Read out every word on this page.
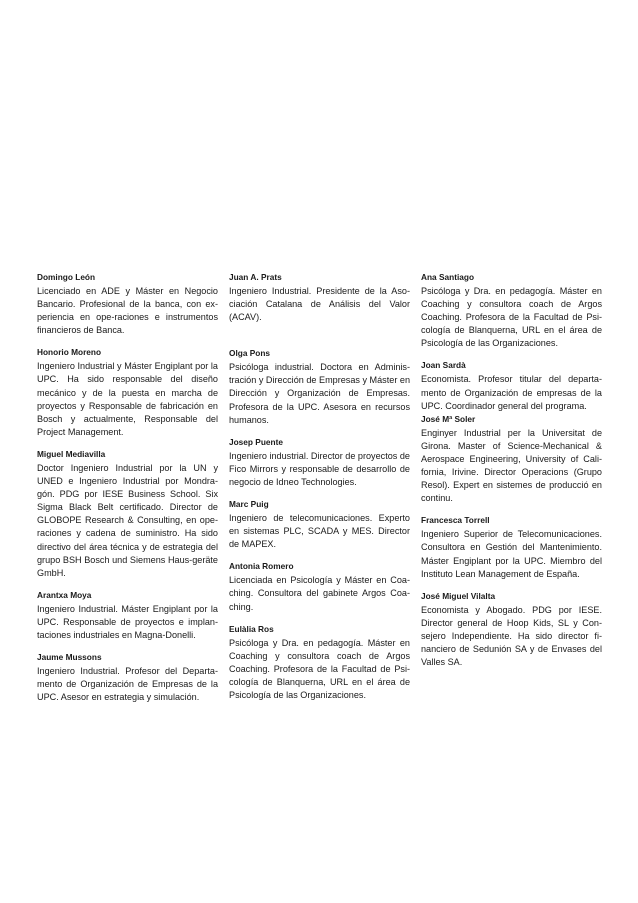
Domingo León
Licenciado en ADE y Máster en Negocio Bancario. Profesional de la banca, con ex-periencia en ope-raciones e instrumentos financieros de Banca.
Honorio Moreno
Ingeniero Industrial y Máster Engiplant por la UPC. Ha sido responsable del diseño mecánico y de la puesta en marcha de proyectos y Responsable de fabricación en Bosch y actualmente, Responsable del Project Management.
Miguel Mediavilla
Doctor Ingeniero Industrial por la UN y UNED e Ingeniero Industrial por Mondra-gón. PDG por IESE Business School. Six Sigma Black Belt certificado. Director de GLOBOPE Research & Consulting, en ope-raciones y cadena de suministro. Ha sido directivo del área técnica y de estrategia del grupo BSH Bosch und Siemens Haus-geräte GmbH.
Arantxa Moya
Ingeniero Industrial. Máster Engiplant por la UPC. Responsable de proyectos e implan-taciones industriales en Magna-Donelli.
Jaume Mussons
Ingeniero Industrial. Profesor del Departa-mento de Organización de Empresas de la UPC. Asesor en estrategia y simulación.
Juan A. Prats
Ingeniero Industrial. Presidente de la Aso-ciación Catalana de Análisis del Valor (ACAV).
Olga Pons
Psicóloga industrial. Doctora en Adminis-tración y Dirección de Empresas y Máster en Dirección y Organización de Empresas. Profesora de la UPC. Asesora en recursos humanos.
Josep Puente
Ingeniero industrial. Director de proyectos de Fico Mirrors y responsable de desarrollo de negocio de Idneo Technologies.
Marc Puig
Ingeniero de telecomunicaciones. Experto en sistemas PLC, SCADA y MES. Director de MAPEX.
Antonia Romero
Licenciada en Psicología y Máster en Coa-ching. Consultora del gabinete Argos Coa-ching.
Eulàlia Ros
Psicóloga y Dra. en pedagogía. Máster en Coaching y consultora coach de Argos Coaching. Profesora de la Facultad de Psi-cología de Blanquerna, URL en el área de Psicología de las Organizaciones.
Ana Santiago
Psicóloga y Dra. en pedagogía. Máster en Coaching y consultora coach de Argos Coaching. Profesora de la Facultad de Psi-cología de Blanquerna, URL en el área de Psicología de las Organizaciones.
Joan Sardà
Economista. Profesor titular del departa-mento de Organización de empresas de la UPC. Coordinador general del programa.
José Mª Soler
Enginyer Industrial per la Universitat de Girona. Master of Science-Mechanical & Aerospace Engineering, University of Cali-fornia, Irivine. Director Operacions (Grupo Resol). Expert en sistemes de producció en continu.
Francesca Torrell
Ingeniero Superior de Telecomunicaciones. Consultora en Gestión del Mantenimiento. Máster Engiplant por la UPC. Miembro del Instituto Lean Management de España.
José Miguel Vilalta
Economista y Abogado. PDG por IESE. Director general de Hoop Kids, SL y Con-sejero Independiente. Ha sido director fi-nanciero de Sedunión SA y de Envases del Valles SA.
